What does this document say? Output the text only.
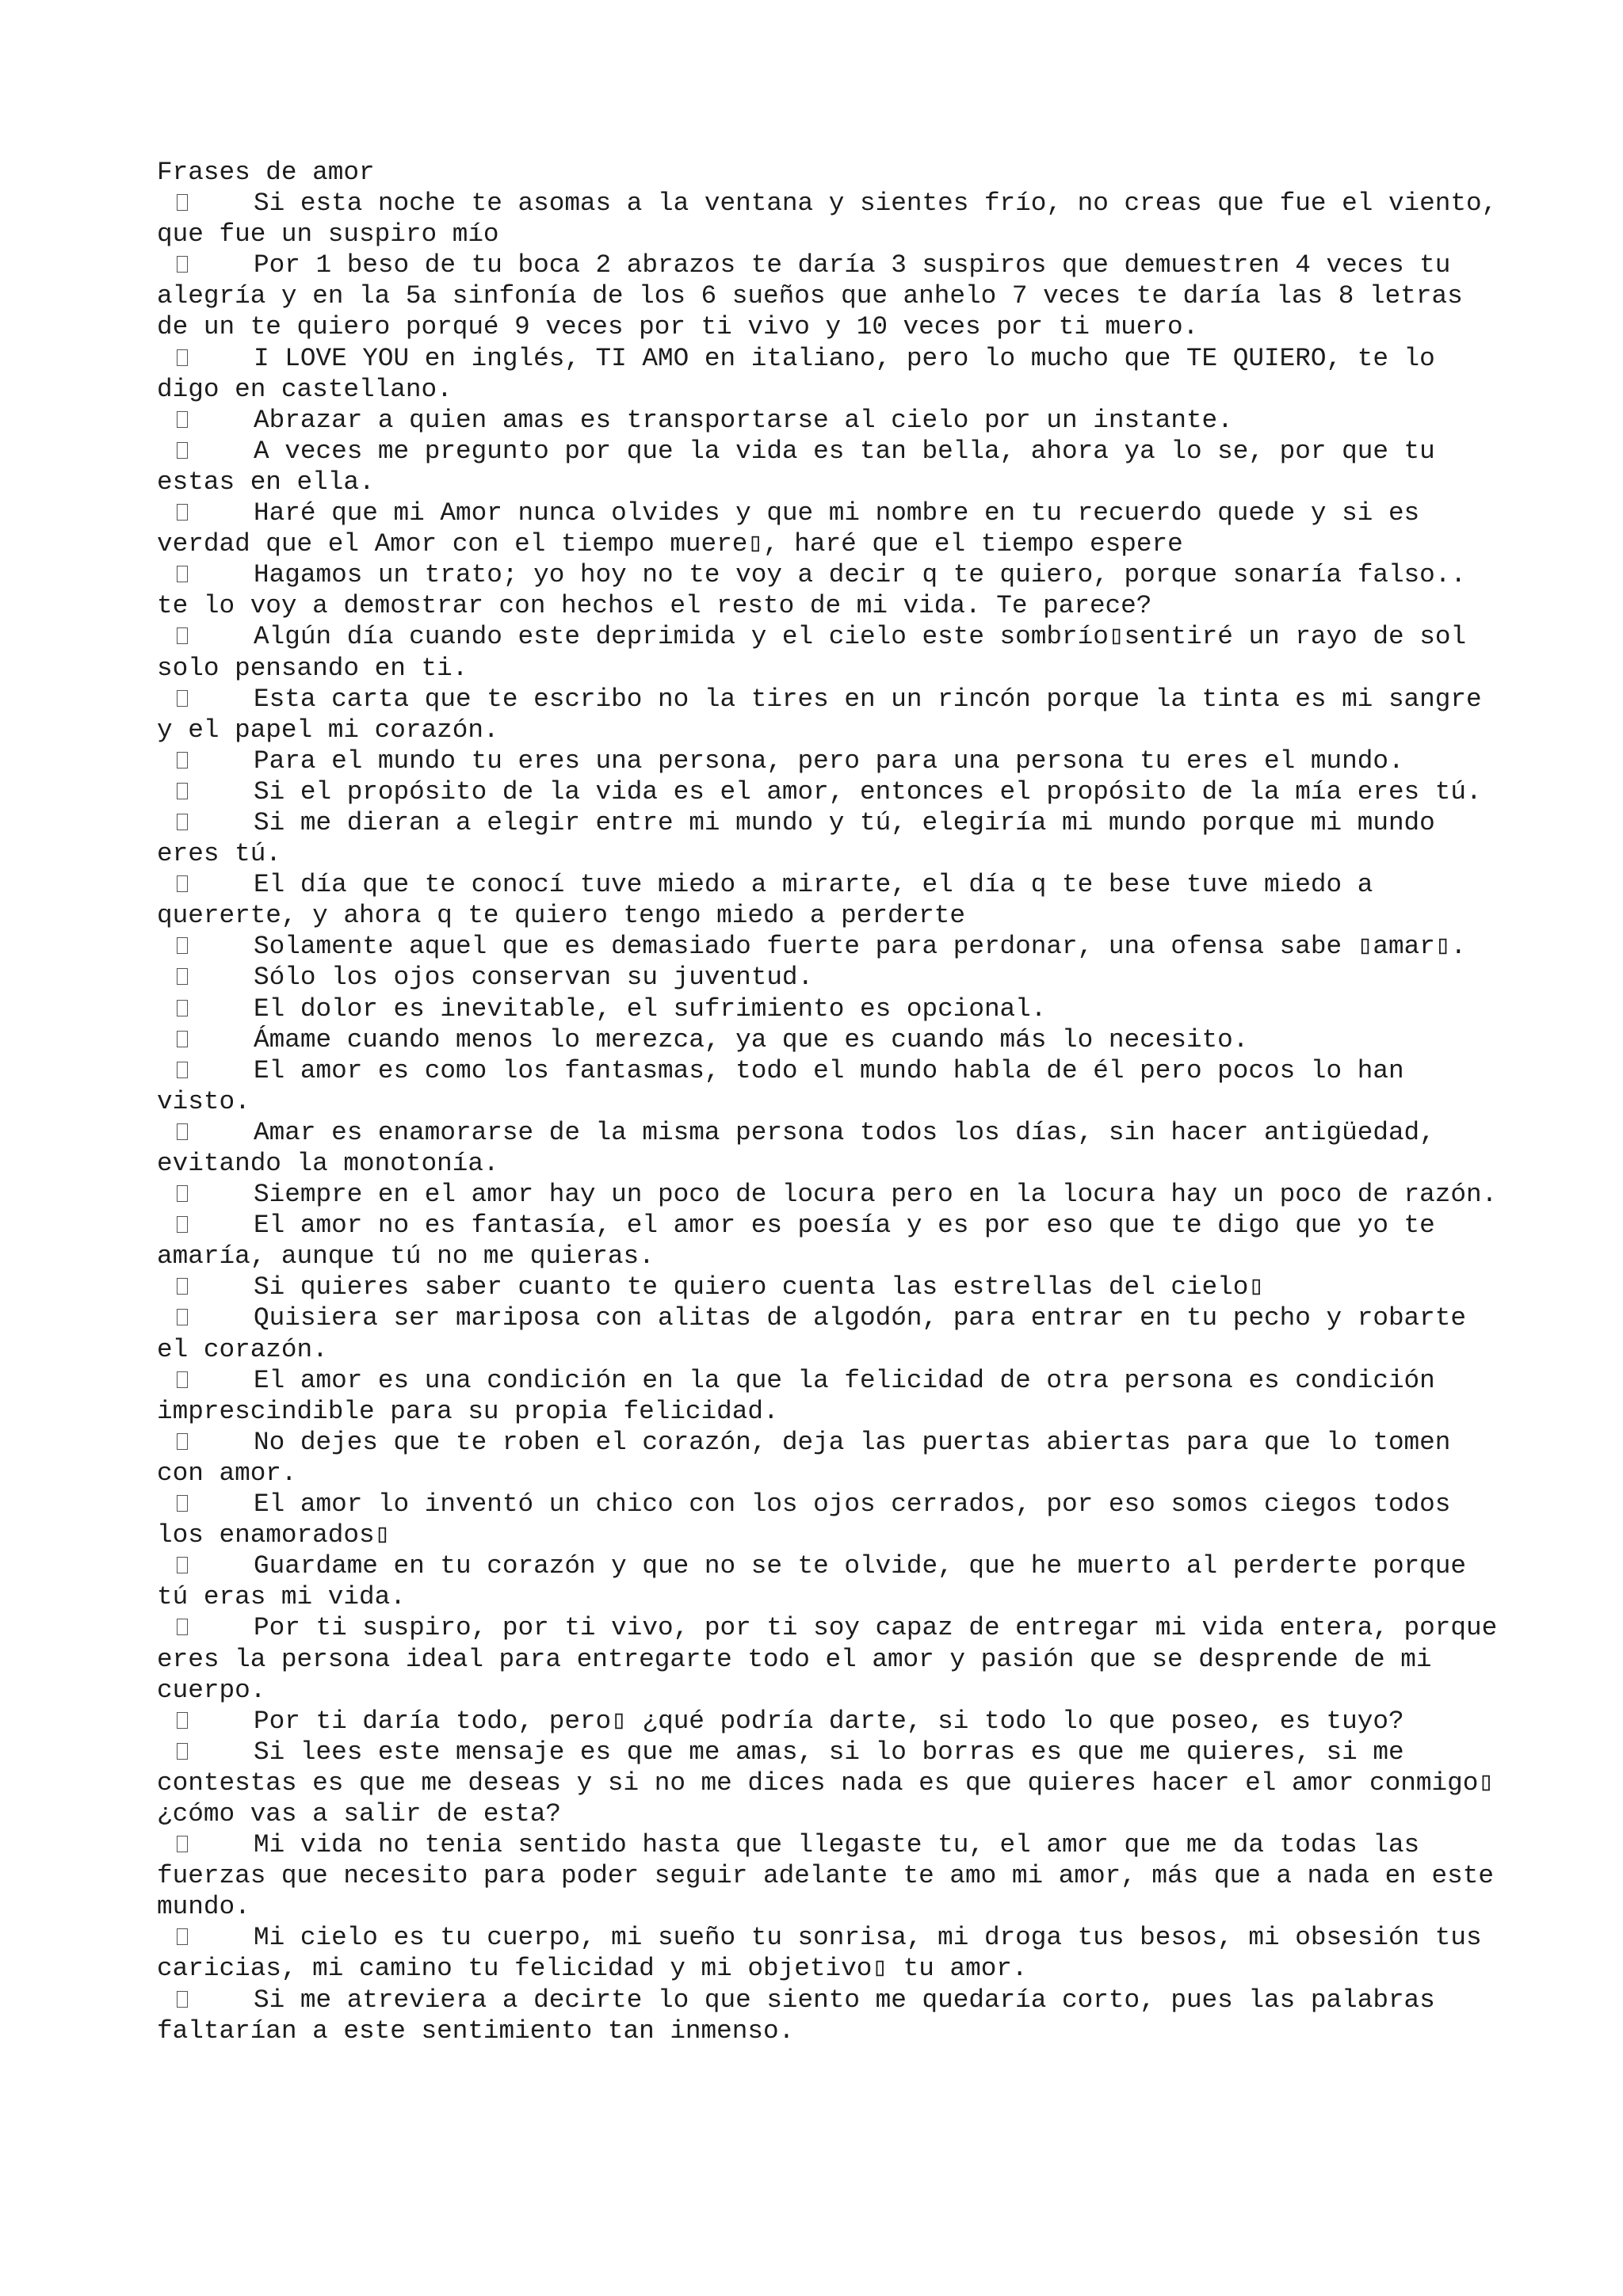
Frases de amor
Si esta noche te asomas a la ventana y sientes frío, no creas que fue el viento, que fue un suspiro mío
Por 1 beso de tu boca 2 abrazos te daría 3 suspiros que demuestren 4 veces tu alegría y en la 5a sinfonía de los 6 sueños que anhelo 7 veces te daría las 8 letras de un te quiero porqué 9 veces por ti vivo y 10 veces por ti muero.
I LOVE YOU en inglés, TI AMO en italiano, pero lo mucho que TE QUIERO, te lo digo en castellano.
Abrazar a quien amas es transportarse al cielo por un instante.
A veces me pregunto por que la vida es tan bella, ahora ya lo se, por que tu estas en ella.
Haré que mi Amor nunca olvides y que mi nombre en tu recuerdo quede y si es verdad que el Amor con el tiempo muere▯, haré que el tiempo espere
Hagamos un trato; yo hoy no te voy a decir q te quiero, porque sonaría falso.. te lo voy a demostrar con hechos el resto de mi vida. Te parece?
Algún día cuando este deprimida y el cielo este sombrío▯sentiré un rayo de sol solo pensando en ti.
Esta carta que te escribo no la tires en un rincón porque la tinta es mi sangre y el papel mi corazón.
Para el mundo tu eres una persona, pero para una persona tu eres el mundo.
Si el propósito de la vida es el amor, entonces el propósito de la mía eres tú.
Si me dieran a elegir entre mi mundo y tú, elegiría mi mundo porque mi mundo eres tú.
El día que te conocí tuve miedo a mirarte, el día q te bese tuve miedo a quererte, y ahora q te quiero tengo miedo a perderte
Solamente aquel que es demasiado fuerte para perdonar, una ofensa sabe ▯amar▯.
Sólo los ojos conservan su juventud.
El dolor es inevitable, el sufrimiento es opcional.
Ámame cuando menos lo merezca, ya que es cuando más lo necesito.
El amor es como los fantasmas, todo el mundo habla de él pero pocos lo han visto.
Amar es enamorarse de la misma persona todos los días, sin hacer antigüedad, evitando la monotonía.
Siempre en el amor hay un poco de locura pero en la locura hay un poco de razón.
El amor no es fantasía, el amor es poesía y es por eso que te digo que yo te amaría, aunque tú no me quieras.
Si quieres saber cuanto te quiero cuenta las estrellas del cielo▯
Quisiera ser mariposa con alitas de algodón, para entrar en tu pecho y robarte el corazón.
El amor es una condición en la que la felicidad de otra persona es condición imprescindible para su propia felicidad.
No dejes que te roben el corazón, deja las puertas abiertas para que lo tomen con amor.
El amor lo inventó un chico con los ojos cerrados, por eso somos ciegos todos los enamorados▯
Guardame en tu corazón y que no se te olvide, que he muerto al perderte porque tú eras mi vida.
Por ti suspiro, por ti vivo, por ti soy capaz de entregar mi vida entera, porque eres la persona ideal para entregarte todo el amor y pasión que se desprende de mi cuerpo.
Por ti daría todo, pero▯ ¿qué podría darte, si todo lo que poseo, es tuyo?
Si lees este mensaje es que me amas, si lo borras es que me quieres, si me contestas es que me deseas y si no me dices nada es que quieres hacer el amor conmigo▯ ¿cómo vas a salir de esta?
Mi vida no tenia sentido hasta que llegaste tu, el amor que me da todas las fuerzas que necesito para poder seguir adelante te amo mi amor, más que a nada en este mundo.
Mi cielo es tu cuerpo, mi sueño tu sonrisa, mi droga tus besos, mi obsesión tus caricias, mi camino tu felicidad y mi objetivo▯ tu amor.
Si me atreviera a decirte lo que siento me quedaría corto, pues las palabras faltarían a este sentimiento tan inmenso.
